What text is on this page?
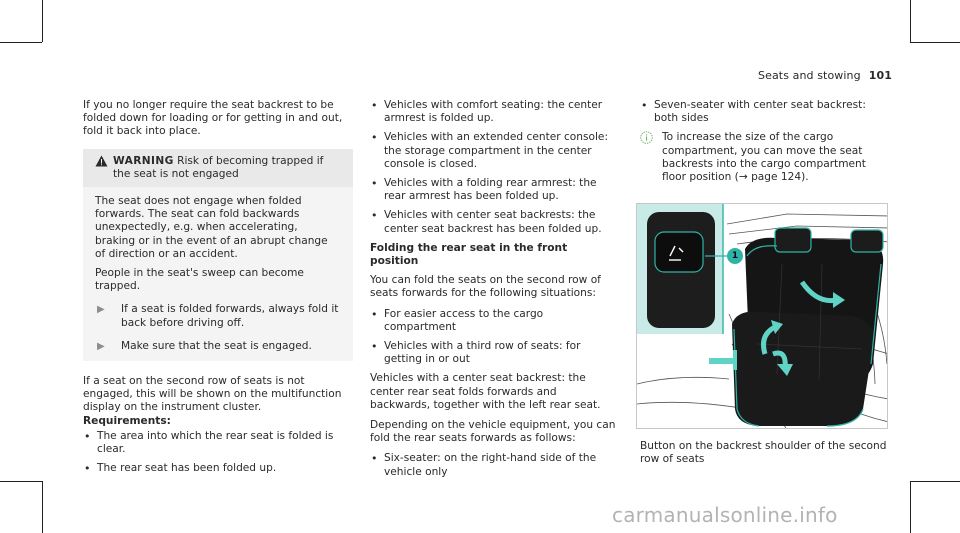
Seats and stowing 101

If you no longer require the seat backrest to be folded down for loading or for getting in and out, fold it back into place.

WARNING Risk of becoming trapped if the seat is not engaged

The seat does not engage when folded forwards. The seat can fold backwards unexpectedly, e.g. when accelerating, braking or in the event of an abrupt change of direction or an accident.

People in the seat's sweep can become trapped.

▶	If a seat is folded forwards, always fold it back before driving off.
▶	Make sure that the seat is engaged.

If a seat on the second row of seats is not engaged, this will be shown on the multifunction display on the instrument cluster.

Requirements:

• The area into which the rear seat is folded is clear.
• The rear seat has been folded up.
• Vehicles with comfort seating: the center armrest is folded up.
• Vehicles with an extended center console: the storage compartment in the center console is closed.
• Vehicles with a folding rear armrest: the rear armrest has been folded up.
• Vehicles with center seat backrests: the center seat backrest has been folded up.
Folding the rear seat in the front position

You can fold the seats on the second row of seats forwards for the following situations:

• For easier access to the cargo compartment
• Vehicles with a third row of seats: for getting in or out

Vehicles with a center seat backrest: the center rear seat folds forwards and backwards, together with the left rear seat.

Depending on the vehicle equipment, you can fold the rear seats forwards as follows:

• Six-seater: on the right-hand side of the vehicle only
• Seven-seater with center seat backrest: both sides
To increase the size of the cargo compartment, you can move the seat backrests into the cargo compartment floor position (→ page 124).
1
Button on the backrest shoulder of the second row of seats
carmanualsonline.info
